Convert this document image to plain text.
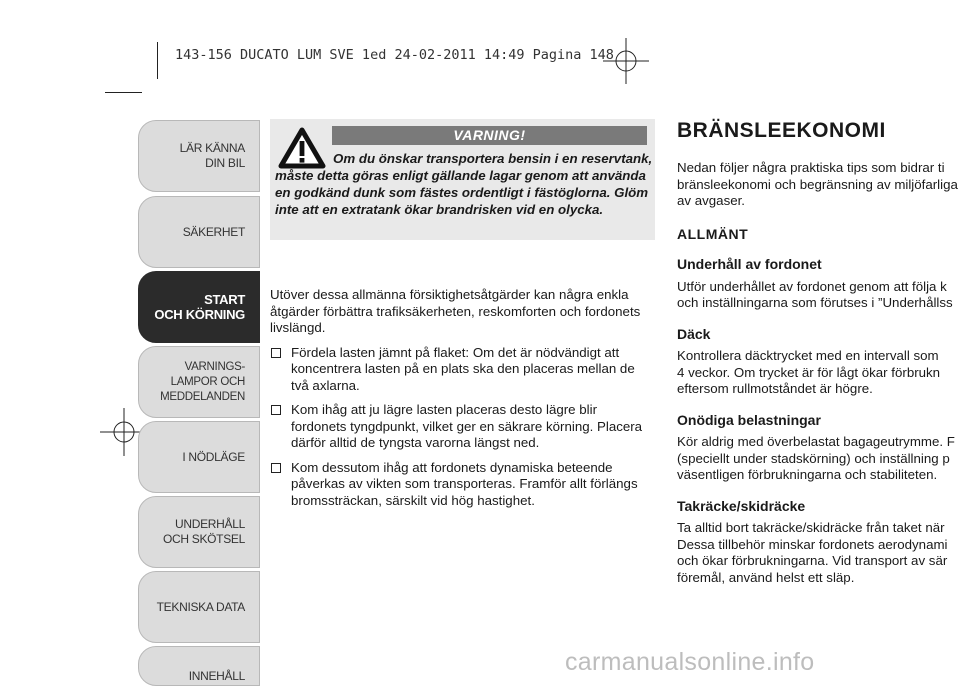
143-156 DUCATO LUM SVE 1ed 24-02-2011 14:49 Pagina 148
LÄR KÄNNA
DIN BIL
SÄKERHET
START
OCH KÖRNING
VARNINGS-
LAMPOR OCH
MEDDELANDEN
I NÖDLÄGE
UNDERHÅLL
OCH SKÖTSEL
TEKNISKA DATA
INNEHÅLL
VARNING!
Om du önskar transportera bensin i en reservtank, måste detta göras enligt gällande lagar genom att använda en godkänd dunk som fästes ordentligt i fästöglorna. Glöm inte att en extratank ökar brandrisken vid en olycka.

Utöver dessa allmänna försiktighetsåtgärder kan några enkla åtgärder förbättra trafiksäkerheten, reskomforten och fordonets livslängd.

Fördela lasten jämnt på flaket: Om det är nödvändigt att koncentrera lasten på en plats ska den placeras mellan de två axlarna.
Kom ihåg att ju lägre lasten placeras desto lägre blir fordonets tyngdpunkt, vilket ger en säkrare körning. Placera därför alltid de tyngsta varorna längst ned.
Kom dessutom ihåg att fordonets dynamiska beteende påverkas av vikten som transporteras. Framför allt förlängs bromssträckan, särskilt vid hög hastighet.
BRÄNSLEEKONOMI
Nedan följer några praktiska tips som bidrar ti
bränsleekonomi och begränsning av miljöfarliga
av avgaser.
ALLMÄNT
Underhåll av fordonet
Utför underhållet av fordonet genom att följa k
och inställningarna som förutses i ”Underhållss
Däck
Kontrollera däcktrycket med en intervall som
4 veckor. Om trycket är för lågt ökar förbrukn
eftersom rullmotståndet är högre.
Onödiga belastningar
Kör aldrig med överbelastat bagageutrymme. F
(speciellt under stadskörning) och inställning p
väsentligen förbrukningarna och stabiliteten.
Takräcke/skidräcke
Ta alltid bort takräcke/skidräcke från taket när
Dessa tillbehör minskar fordonets aerodynami
och ökar förbrukningarna. Vid transport av sär
föremål, använd helst ett släp.
carmanualsonline.info
